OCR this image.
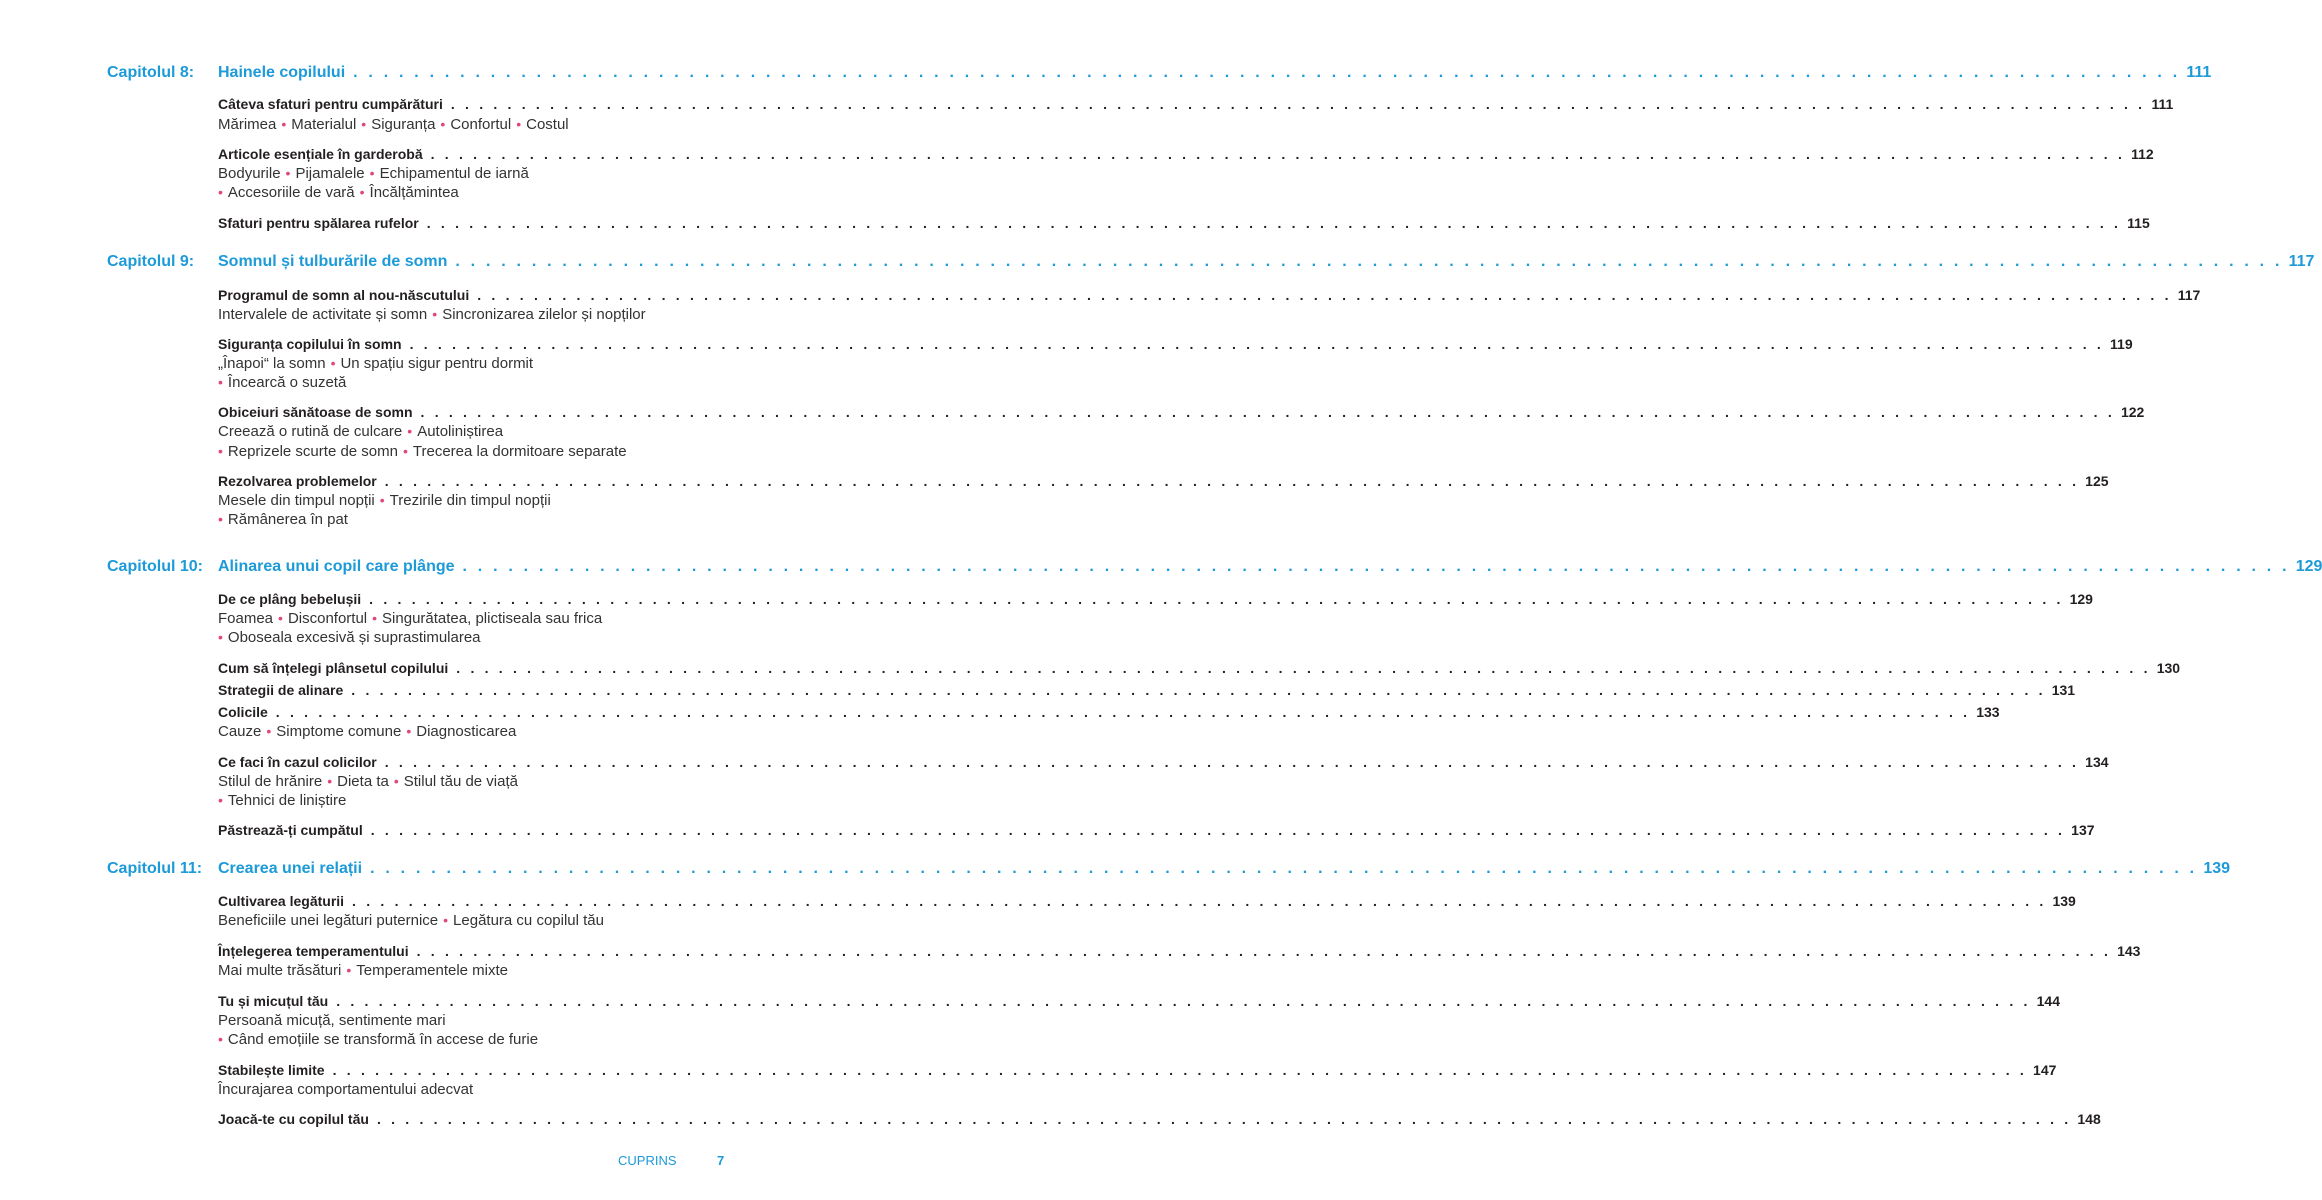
Capitolul 8:	Hainele copilului . . . . . . . . . . . . . . . . . . . . . . . . . . . . . . . . . . . . . . . . . . . . . . . . . . . . . . . . . . . . . . . . . . . . . . . . . . . . . . . . . . . . . . . . . . . . . . . . . . . . . . . . . . . . . . . . . . . . . . . . 111
Câteva sfaturi pentru cumpărături . . . . . . . . . . . . . . . . . . . . . . . . . . . . . . . . . . . . . . . . . . . . . . . . . . . . . . . . . . . . . . . . . . . . . . . . . . . . . . . . . . . . . . . . . . . . . . . . . . . . . . . . . . . . . . . . . . . . . . . . 111
Mărimea • Materialul • Siguranța • Confortul • Costul
Articole esențiale în garderobă . . . . . . . . . . . . . . . . . . . . . . . . . . . . . . . . . . . . . . . . . . . . . . . . . . . . . . . . . . . . . . . . . . . . . . . . . . . . . . . . . . . . . . . . . . . . . . . . . . . . . . . . . . . . . . . . . . . . . . . . 112
Bodyurile • Pijamalele • Echipamentul de iarnă
• Accesoriile de vară • Încălțămintea
Sfaturi pentru spălarea rufelor . . . . . . . . . . . . . . . . . . . . . . . . . . . . . . . . . . . . . . . . . . . . . . . . . . . . . . . . . . . . . . . . . . . . . . . . . . . . . . . . . . . . . . . . . . . . . . . . . . . . . . . . . . . . . . . . . . . . . . . . 115
Capitolul 9:	Somnul și tulburările de somn . . . . . . . . . . . . . . . . . . . . . . . . . . . . . . . . . . . . . . . . . . . . . . . . . . . . . . . . . . . . . . . . . . . . . . . . . . . . . . . . . . . . . . . . . . . . . . . . . . . . . . . . . . . . . . . . . . . . . . . . 117
Programul de somn al nou-născutului . . . . . . . . . . . . . . . . . . . . . . . . . . . . . . . . . . . . . . . . . . . . . . . . . . . . . . . . . . . . . . . . . . . . . . . . . . . . . . . . . . . . . . . . . . . . . . . . . . . . . . . . . . . . . . . . . . . . . . . . 117
Intervalele de activitate și somn • Sincronizarea zilelor și nopților
Siguranța copilului în somn . . . . . . . . . . . . . . . . . . . . . . . . . . . . . . . . . . . . . . . . . . . . . . . . . . . . . . . . . . . . . . . . . . . . . . . . . . . . . . . . . . . . . . . . . . . . . . . . . . . . . . . . . . . . . . . . . . . . . . . . 119
„Înapoi“ la somn • Un spațiu sigur pentru dormit
• Încearcă o suzetă
Obiceiuri sănătoase de somn . . . . . . . . . . . . . . . . . . . . . . . . . . . . . . . . . . . . . . . . . . . . . . . . . . . . . . . . . . . . . . . . . . . . . . . . . . . . . . . . . . . . . . . . . . . . . . . . . . . . . . . . . . . . . . . . . . . . . . . . 122
Creează o rutină de culcare • Autoliniștirea
• Reprizele scurte de somn • Trecerea la dormitoare separate
Rezolvarea problemelor . . . . . . . . . . . . . . . . . . . . . . . . . . . . . . . . . . . . . . . . . . . . . . . . . . . . . . . . . . . . . . . . . . . . . . . . . . . . . . . . . . . . . . . . . . . . . . . . . . . . . . . . . . . . . . . . . . . . . . . . 125
Mesele din timpul nopții • Trezirile din timpul nopții
• Rămânerea în pat
Capitolul 10: Alinarea unui copil care plânge . . . . . . . . . . . . . . . . . . . . . . . . . . . . . . . . . . . . . . . . . . . . . . . . . . . . . . . . . . . . . . . . . . . . . . . . . . . . . . . . . . . . . . . . . . . . . . . . . . . . . . . . . . . . . . . . . . . . . . . . 129
De ce plâng bebelușii . . . . . . . . . . . . . . . . . . . . . . . . . . . . . . . . . . . . . . . . . . . . . . . . . . . . . . . . . . . . . . . . . . . . . . . . . . . . . . . . . . . . . . . . . . . . . . . . . . . . . . . . . . . . . . . . . . . . . . . . 129
Foamea • Disconfortul • Singurătatea, plictiseala sau frica
• Oboseala excesivă și suprastimularea
Cum să înțelegi plânsetul copilului . . . . . . . . . . . . . . . . . . . . . . . . . . . . . . . . . . . . . . . . . . . . . . . . . . . . . . . . . . . . . . . . . . . . . . . . . . . . . . . . . . . . . . . . . . . . . . . . . . . . . . . . . . . . . . . . . . . . . . . . 130
Strategii de alinare . . . . . . . . . . . . . . . . . . . . . . . . . . . . . . . . . . . . . . . . . . . . . . . . . . . . . . . . . . . . . . . . . . . . . . . . . . . . . . . . . . . . . . . . . . . . . . . . . . . . . . . . . . . . . . . . . . . . . . . . 131
Colicile . . . . . . . . . . . . . . . . . . . . . . . . . . . . . . . . . . . . . . . . . . . . . . . . . . . . . . . . . . . . . . . . . . . . . . . . . . . . . . . . . . . . . . . . . . . . . . . . . . . . . . . . . . . . . . . . . . . . . . . . 133
Cauze • Simptome comune • Diagnosticarea
Ce faci în cazul colicilor . . . . . . . . . . . . . . . . . . . . . . . . . . . . . . . . . . . . . . . . . . . . . . . . . . . . . . . . . . . . . . . . . . . . . . . . . . . . . . . . . . . . . . . . . . . . . . . . . . . . . . . . . . . . . . . . . . . . . . . . 134
Stilul de hrănire • Dieta ta • Stilul tău de viață
• Tehnici de liniștire
Păstrează-ți cumpătul . . . . . . . . . . . . . . . . . . . . . . . . . . . . . . . . . . . . . . . . . . . . . . . . . . . . . . . . . . . . . . . . . . . . . . . . . . . . . . . . . . . . . . . . . . . . . . . . . . . . . . . . . . . . . . . . . . . . . . . . 137
Capitolul 11: Crearea unei relații . . . . . . . . . . . . . . . . . . . . . . . . . . . . . . . . . . . . . . . . . . . . . . . . . . . . . . . . . . . . . . . . . . . . . . . . . . . . . . . . . . . . . . . . . . . . . . . . . . . . . . . . . . . . . . . . . . . . . . . . 139
Cultivarea legăturii . . . . . . . . . . . . . . . . . . . . . . . . . . . . . . . . . . . . . . . . . . . . . . . . . . . . . . . . . . . . . . . . . . . . . . . . . . . . . . . . . . . . . . . . . . . . . . . . . . . . . . . . . . . . . . . . . . . . . . . . 139
Beneficiile unei legături puternice • Legătura cu copilul tău
Înțelegerea temperamentului . . . . . . . . . . . . . . . . . . . . . . . . . . . . . . . . . . . . . . . . . . . . . . . . . . . . . . . . . . . . . . . . . . . . . . . . . . . . . . . . . . . . . . . . . . . . . . . . . . . . . . . . . . . . . . . . . . . . . . . . 143
Mai multe trăsături • Temperamentele mixte
Tu și micuțul tău . . . . . . . . . . . . . . . . . . . . . . . . . . . . . . . . . . . . . . . . . . . . . . . . . . . . . . . . . . . . . . . . . . . . . . . . . . . . . . . . . . . . . . . . . . . . . . . . . . . . . . . . . . . . . . . . . . . . . . . . 144
Persoană micuță, sentimente mari
• Când emoțiile se transformă în accese de furie
Stabilește limite . . . . . . . . . . . . . . . . . . . . . . . . . . . . . . . . . . . . . . . . . . . . . . . . . . . . . . . . . . . . . . . . . . . . . . . . . . . . . . . . . . . . . . . . . . . . . . . . . . . . . . . . . . . . . . . . . . . . . . . . 147
Încurajarea comportamentului adecvat
Joacă-te cu copilul tău . . . . . . . . . . . . . . . . . . . . . . . . . . . . . . . . . . . . . . . . . . . . . . . . . . . . . . . . . . . . . . . . . . . . . . . . . . . . . . . . . . . . . . . . . . . . . . . . . . . . . . . . . . . . . . . . . . . . . . . . 148
CUPRINS	7
